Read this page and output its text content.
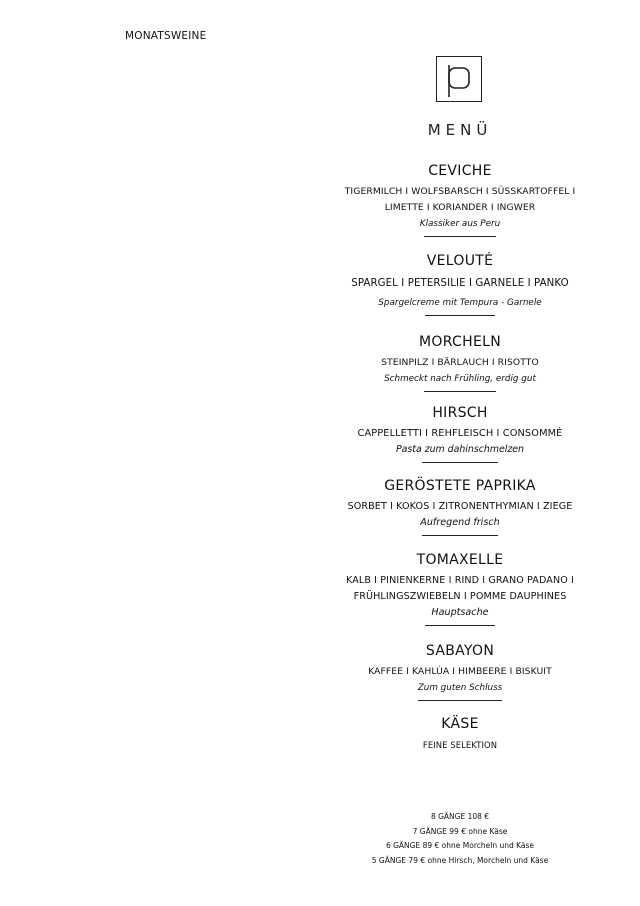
MONATSWEINE
MENÜ
CEVICHE
TIGERMILCH I WOLFSBARSCH I SÜSSKARTOFFEL I
LIMETTE I KORIANDER I INGWER
Klassiker aus Peru
VELOUTÉ
SPARGEL I PETERSILIE I GARNELE I PANKO
Spargelcreme mit Tempura - Garnele
MORCHELN
STEINPILZ I BÄRLAUCH I RISOTTO
Schmeckt nach Frühling, erdig gut
HIRSCH
CAPPELLETTI I REHFLEISCH I CONSOMMÉ
Pasta zum dahinschmelzen
GERÖSTETE PAPRIKA
SORBET I KOKOS I ZITRONENTHYMIAN I ZIEGE
Aufregend frisch
TOMAXELLE
KALB I PINIENKERNE I RIND I GRANO PADANO I
FRÜHLINGSZWIEBELN I POMME DAUPHINES
Hauptsache
SABAYON
KAFFEE I KAHLÚA I HIMBEERE I BISKUIT
Zum guten Schluss
KÄSE
FEINE SELEKTION
8 GÄNGE 108 €
7 GÄNGE 99 € ohne Käse
6 GÄNGE 89 € ohne Morcheln und Käse
5 GÄNGE 79 € ohne Hirsch, Morcheln und Käse
